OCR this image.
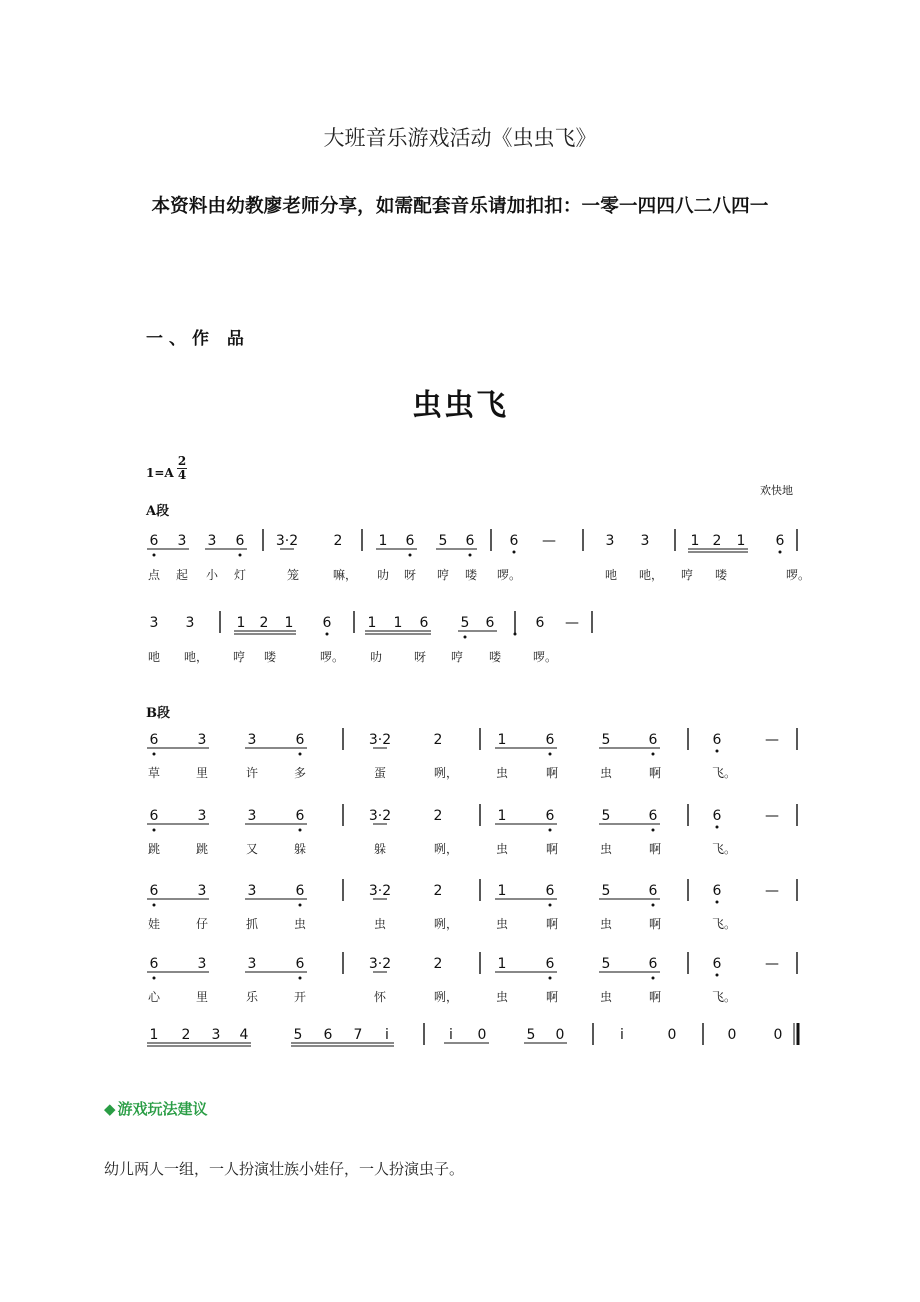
大班音乐游戏活动《虫虫飞》
本资料由幼教廖老师分享，如需配套音乐请加扣扣：一零一四四八二八四一
一、作 品
虫虫飞
1=A
2
4
欢快地
A段
B段
6 3 3 6 3·2	2	1 6 5 6	6 —	3 3	1 2 1 6
点 起 小 灯	笼	嘛， 叻 呀 哼 喽 啰。	吔 吔， 哼 喽	啰。
3 3	1 2 1 6	1 1 6 5 6	6 —
吔 吔， 哼 喽	啰。 叻	呀 哼 喽	啰。
6	3	3	6	3·2	2	1	6	5	6	6	—
草	里	许	多	蛋	咧，	虫	啊	虫	啊	飞。
6	3	3	6	3·2	2	1	6	5	6	6	—
跳	跳	又	躲	躲	咧，	虫	啊	虫	啊	飞。
6	3	3	6	3·2	2	1	6	5	6	6	—
娃	仔	抓	虫	虫	咧，	虫	啊	虫	啊	飞。
6	3	3	6	3·2	2	1	6	5	6	6	—
心	里	乐	开	怀	咧，	虫	啊	虫	啊	飞。
1 2 3 4	5 6 7 i	i 0	5 0	i	0	0	0
◆ 游戏玩法建议
幼儿两人一组，一人扮演壮族小娃仔，一人扮演虫子。
